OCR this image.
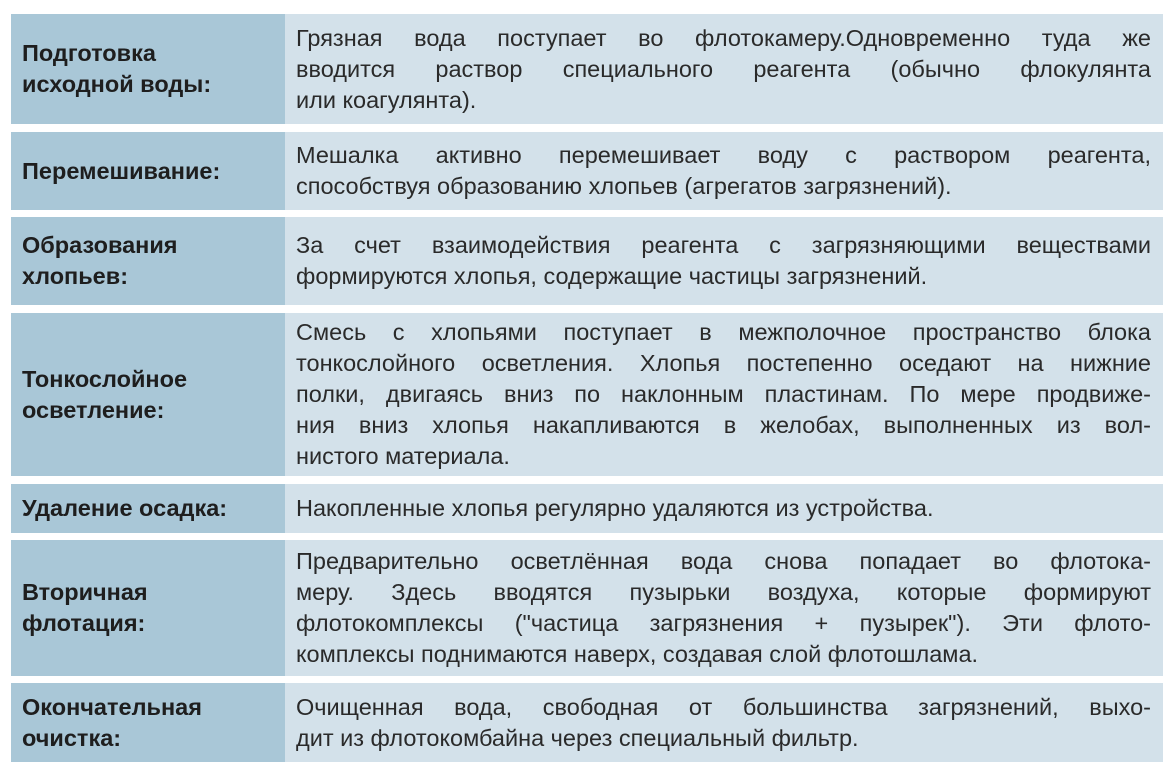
Подготовка
исходной воды:
Грязная вода поступает во флотокамеру.Одновременно туда же
вводится раствор специального реагента (обычно флокулянта
или коагулянта).
Перемешивание:
Мешалка активно перемешивает воду с раствором реагента,
способствуя образованию хлопьев (агрегатов загрязнений).
Образования
хлопьев:
За счет взаимодействия реагента с загрязняющими веществами
формируются хлопья, содержащие частицы загрязнений.
Тонкослойное
осветление:
Смесь с хлопьями поступает в межполочное пространство блока
тонкослойного осветления. Хлопья постепенно оседают на нижние
полки, двигаясь вниз по наклонным пластинам. По мере продвиже-
ния вниз хлопья накапливаются в желобах, выполненных из вол-
нистого материала.
Удаление осадка:	Накопленные хлопья регулярно удаляются из устройства.
Вторичная
флотация:
Предварительно осветлённая вода снова попадает во флотока-
меру. Здесь вводятся пузырьки воздуха, которые формируют
флотокомплексы ("частица загрязнения + пузырек"). Эти флото-
комплексы поднимаются наверх, создавая слой флотошлама.
Окончательная
очистка:
Очищенная вода, свободная от большинства загрязнений, выхо-
дит из флотокомбайна через специальный фильтр.
